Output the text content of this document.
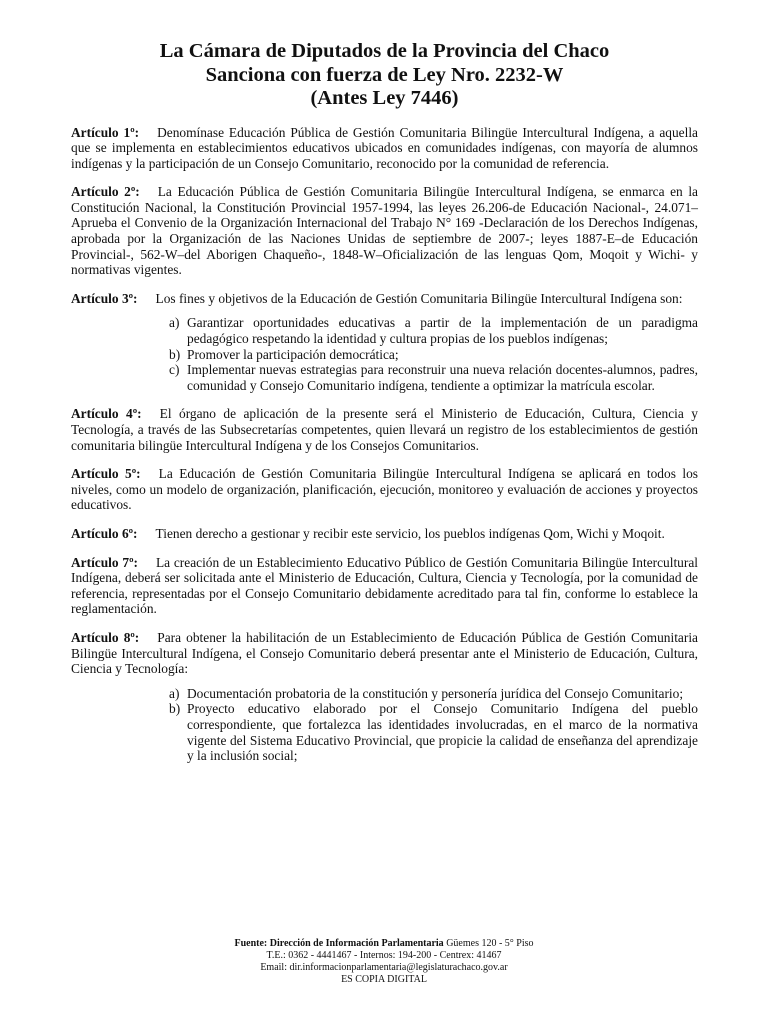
La Cámara de Diputados de la Provincia del Chaco
Sanciona con fuerza de Ley Nro. 2232-W
(Antes Ley 7446)

Artículo 1º: Denomínase Educación Pública de Gestión Comunitaria Bilingüe Intercultural Indígena, a aquella que se implementa en establecimientos educativos ubicados en comunidades indígenas, con mayoría de alumnos indígenas y la participación de un Consejo Comunitario, reconocido por la comunidad de referencia.

Artículo 2º: La Educación Pública de Gestión Comunitaria Bilingüe Intercultural Indígena, se enmarca en la Constitución Nacional, la Constitución Provincial 1957-1994, las leyes 26.206-de Educación Nacional-, 24.071–Aprueba el Convenio de la Organización Internacional del Trabajo N° 169 -Declaración de los Derechos Indígenas, aprobada por la Organización de las Naciones Unidas de septiembre de 2007-; leyes 1887-E–de Educación Provincial-, 562-W–del Aborigen Chaqueño-, 1848-W–Oficialización de las lenguas Qom, Moqoit y Wichi- y normativas vigentes.

Artículo 3º: Los fines y objetivos de la Educación de Gestión Comunitaria Bilingüe Intercultural Indígena son:

a) Garantizar oportunidades educativas a partir de la implementación de un paradigma pedagógico respetando la identidad y cultura propias de los pueblos indígenas;
b) Promover la participación democrática;
c) Implementar nuevas estrategias para reconstruir una nueva relación docentes-alumnos, padres, comunidad y Consejo Comunitario indígena, tendiente a optimizar la matrícula escolar.

Artículo 4º: El órgano de aplicación de la presente será el Ministerio de Educación, Cultura, Ciencia y Tecnología, a través de las Subsecretarías competentes, quien llevará un registro de los establecimientos de gestión comunitaria bilingüe Intercultural Indígena y de los Consejos Comunitarios.

Artículo 5º: La Educación de Gestión Comunitaria Bilingüe Intercultural Indígena se aplicará en todos los niveles, como un modelo de organización, planificación, ejecución, monitoreo y evaluación de acciones y proyectos educativos.

Artículo 6º: Tienen derecho a gestionar y recibir este servicio, los pueblos indígenas Qom, Wichi y Moqoit.

Artículo 7º: La creación de un Establecimiento Educativo Público de Gestión Comunitaria Bilingüe Intercultural Indígena, deberá ser solicitada ante el Ministerio de Educación, Cultura, Ciencia y Tecnología, por la comunidad de referencia, representadas por el Consejo Comunitario debidamente acreditado para tal fin, conforme lo establece la reglamentación.

Artículo 8º: Para obtener la habilitación de un Establecimiento de Educación Pública de Gestión Comunitaria Bilingüe Intercultural Indígena, el Consejo Comunitario deberá presentar ante el Ministerio de Educación, Cultura, Ciencia y Tecnología:

a) Documentación probatoria de la constitución y personería jurídica del Consejo Comunitario;
b) Proyecto educativo elaborado por el Consejo Comunitario Indígena del pueblo correspondiente, que fortalezca las identidades involucradas, en el marco de la normativa vigente del Sistema Educativo Provincial, que propicie la calidad de enseñanza del aprendizaje y la inclusión social;
Fuente: Dirección de Información Parlamentaria Güemes 120 - 5° Piso
T.E.: 0362 - 4441467 - Internos: 194-200 - Centrex: 41467
Email: dir.informacionparlamentaria@legislaturachaco.gov.ar
ES COPIA DIGITAL
